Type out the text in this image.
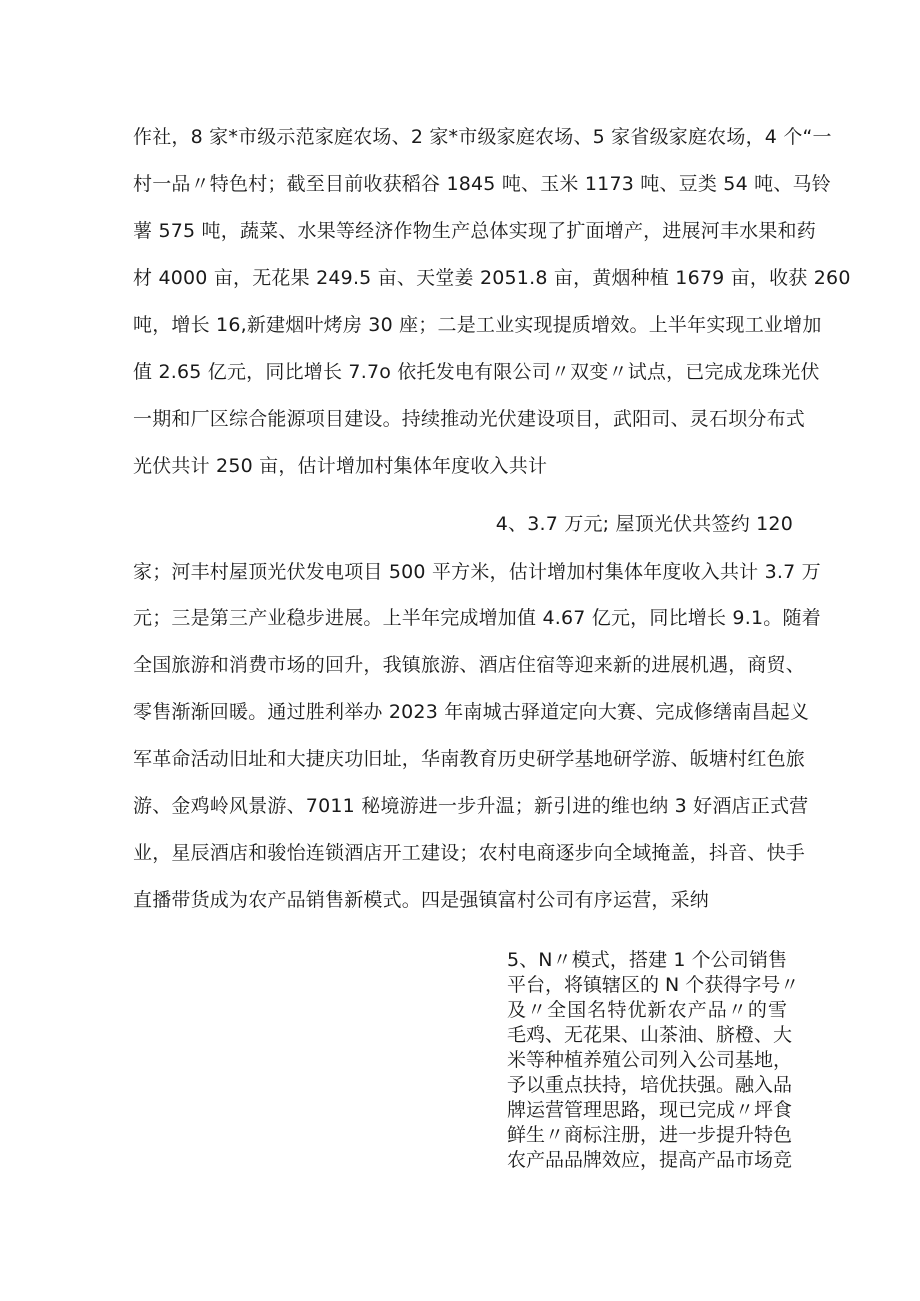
作社，8 家*市级示范家庭农场、2 家*市级家庭农场、5 家省级家庭农场，4 个“一
村一品〃特色村；截至目前收获稻谷 1845 吨、玉米 1173 吨、豆类 54 吨、马铃
薯 575 吨，蔬菜、水果等经济作物生产总体实现了扩面增产，进展河丰水果和药
材 4000 亩，无花果 249.5 亩、天堂姜 2051.8 亩，黄烟种植 1679 亩，收获 260
吨，增长 16,新建烟叶烤房 30 座；二是工业实现提质增效。上半年实现工业增加
值 2.65 亿元，同比增长 7.7o 依托发电有限公司〃双变〃试点，已完成龙珠光伏
一期和厂区综合能源项目建设。持续推动光伏建设项目，武阳司、灵石坝分布式
光伏共计 250 亩，估计增加村集体年度收入共计
4、3.7 万元; 屋顶光伏共签约 120
家；河丰村屋顶光伏发电项目 500 平方米，估计增加村集体年度收入共计 3.7 万
元；三是第三产业稳步进展。上半年完成增加值 4.67 亿元，同比增长 9.1。随着
全国旅游和消费市场的回升，我镇旅游、酒店住宿等迎来新的进展机遇，商贸、
零售渐渐回暖。通过胜利举办 2023 年南城古驿道定向大赛、完成修缮南昌起义
军革命活动旧址和大捷庆功旧址，华南教育历史研学基地研学游、皈塘村红色旅
游、金鸡岭风景游、7011 秘境游进一步升温；新引进的维也纳 3 好酒店正式营
业，星辰酒店和骏怡连锁酒店开工建设；农村电商逐步向全域掩盖，抖音、快手
直播带货成为农产品销售新模式。四是强镇富村公司有序运营，采纳
5、N〃模式，搭建 1 个公司销售
平台，将镇辖区的 N 个获得字号〃
及〃全国名特优新农产品〃的雪
毛鸡、无花果、山茶油、脐橙、大
米等种植养殖公司列入公司基地，
予以重点扶持，培优扶强。融入品
牌运营管理思路，现已完成〃坪食
鲜生〃商标注册，进一步提升特色
农产品品牌效应，提高产品市场竞
